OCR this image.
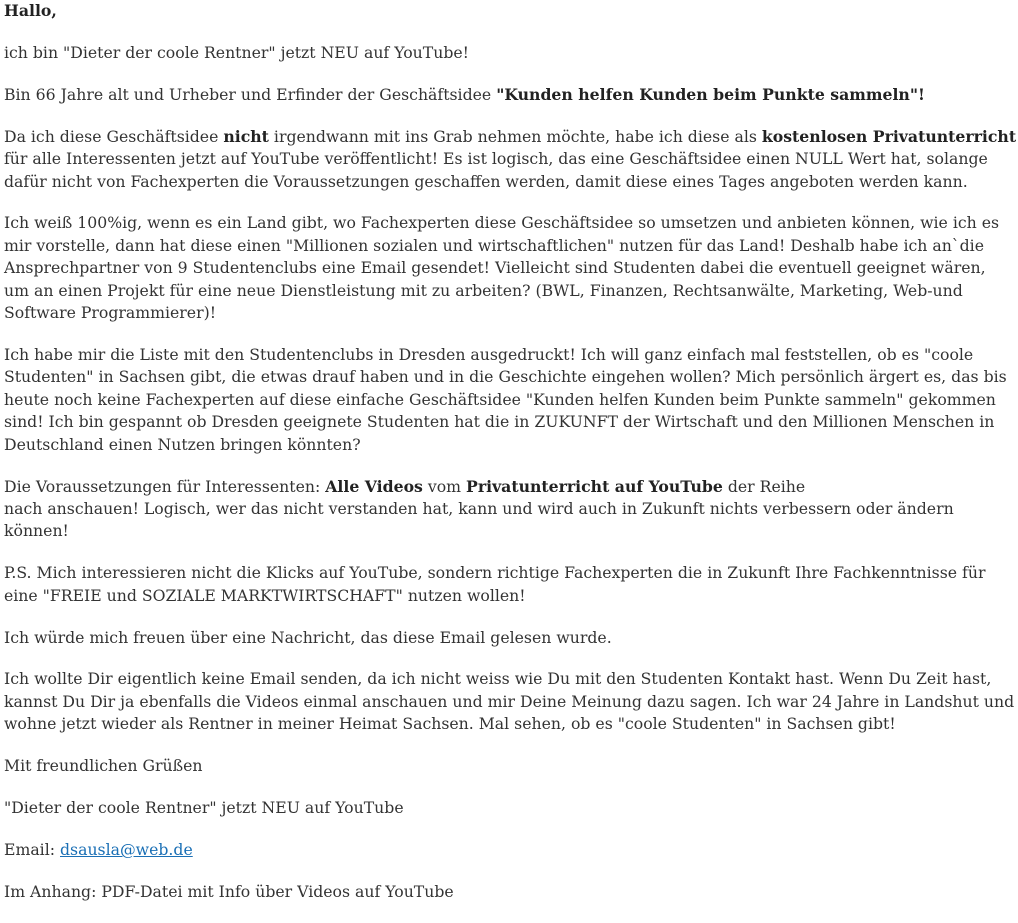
Hallo,
ich bin "Dieter der coole Rentner" jetzt NEU auf YouTube!
Bin 66 Jahre alt und Urheber und Erfinder der Geschäftsidee "Kunden helfen Kunden beim Punkte sammeln"!
Da ich diese Geschäftsidee nicht irgendwann mit ins Grab nehmen möchte, habe ich diese als kostenlosen Privatunterricht
für alle Interessenten jetzt auf YouTube veröffentlicht! Es ist logisch, das eine Geschäftsidee einen NULL Wert hat, solange
dafür nicht von Fachexperten die Voraussetzungen geschaffen werden, damit diese eines Tages angeboten werden kann.
Ich weiß 100%ig, wenn es ein Land gibt, wo Fachexperten diese Geschäftsidee so umsetzen und anbieten können, wie ich es
mir vorstelle, dann hat diese einen "Millionen sozialen und wirtschaftlichen" nutzen für das Land! Deshalb habe ich an`die
Ansprechpartner von 9 Studentenclubs eine Email gesendet! Vielleicht sind Studenten dabei die eventuell geeignet wären,
um an einen Projekt für eine neue Dienstleistung mit zu arbeiten? (BWL, Finanzen, Rechtsanwälte, Marketing, Web-und
Software Programmierer)!
Ich habe mir die Liste mit den Studentenclubs in Dresden ausgedruckt! Ich will ganz einfach mal feststellen, ob es "coole
Studenten" in Sachsen gibt, die etwas drauf haben und in die Geschichte eingehen wollen? Mich persönlich ärgert es, das bis
heute noch keine Fachexperten auf diese einfache Geschäftsidee "Kunden helfen Kunden beim Punkte sammeln" gekommen
sind! Ich bin gespannt ob Dresden geeignete Studenten hat die in ZUKUNFT der Wirtschaft und den Millionen Menschen in
Deutschland einen Nutzen bringen könnten?
Die Voraussetzungen für Interessenten: Alle Videos vom Privatunterricht auf YouTube der Reihe
nach anschauen! Logisch, wer das nicht verstanden hat, kann und wird auch in Zukunft nichts verbessern oder ändern
können!
P.S. Mich interessieren nicht die Klicks auf YouTube, sondern richtige Fachexperten die in Zukunft Ihre Fachkenntnisse für
eine "FREIE und SOZIALE MARKTWIRTSCHAFT" nutzen wollen!
Ich würde mich freuen über eine Nachricht, das diese Email gelesen wurde.
Ich wollte Dir eigentlich keine Email senden, da ich nicht weiss wie Du mit den Studenten Kontakt hast. Wenn Du Zeit hast,
kannst Du Dir ja ebenfalls die Videos einmal anschauen und mir Deine Meinung dazu sagen. Ich war 24 Jahre in Landshut und
wohne jetzt wieder als Rentner in meiner Heimat Sachsen. Mal sehen, ob es "coole Studenten" in Sachsen gibt!
Mit freundlichen Grüßen
"Dieter der coole Rentner" jetzt NEU auf YouTube
Email: dsausla@web.de
Im Anhang: PDF-Datei mit Info über Videos auf YouTube
